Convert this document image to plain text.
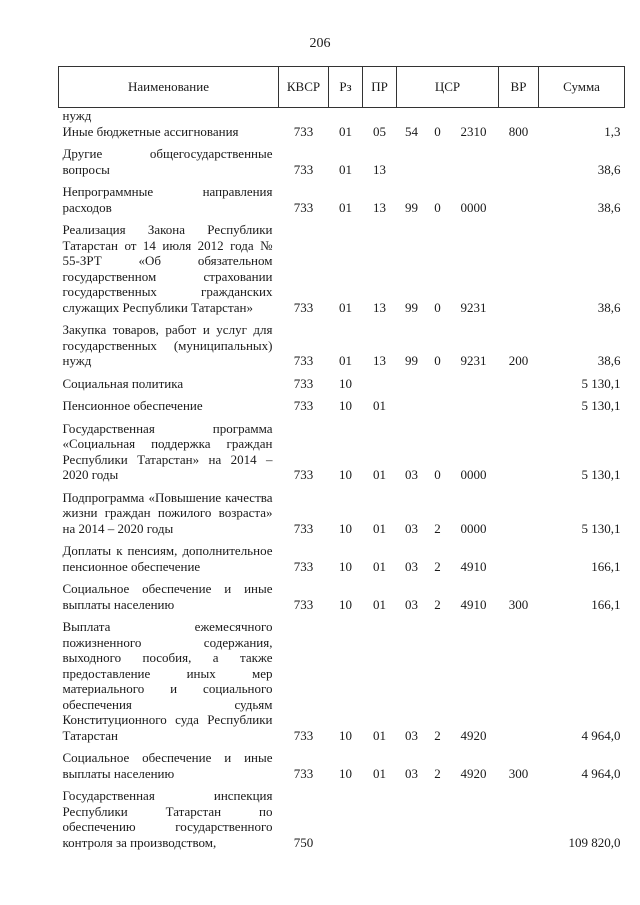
206
Наименование	КВСР	Рз	ПР	ЦСР			ВР	Сумма
нужд								
Иные бюджетные ассигнования	733	01	05	54	0	2310	800	1,3
Другие общегосударственные вопросы	733	01	13					38,6
Непрограммные направления расходов	733	01	13	99	0	0000		38,6
Реализация Закона Республики Татарстан от 14 июля 2012 года № 55-ЗРТ «Об обязательном государственном страховании государственных гражданских служащих Республики Татарстан»	733	01	13	99	0	9231		38,6
Закупка товаров, работ и услуг для государственных (муниципальных) нужд	733	01	13	99	0	9231	200	38,6
Социальная политика	733	10						5 130,1
Пенсионное обеспечение	733	10	01					5 130,1
Государственная программа «Социальная поддержка граждан Республики Татарстан» на 2014 – 2020 годы	733	10	01	03	0	0000		5 130,1
Подпрограмма «Повышение качества жизни граждан пожилого возраста» на 2014 – 2020 годы	733	10	01	03	2	0000		5 130,1
Доплаты к пенсиям, дополнительное пенсионное обеспечение	733	10	01	03	2	4910		166,1
Социальное обеспечение и иные выплаты населению	733	10	01	03	2	4910	300	166,1
Выплата ежемесячного пожизненного содержания, выходного пособия, а также предоставление иных мер материального и социального обеспечения судьям Конституционного суда Республики Татарстан	733	10	01	03	2	4920		4 964,0
Социальное обеспечение и иные выплаты населению	733	10	01	03	2	4920	300	4 964,0
Государственная инспекция Республики Татарстан по обеспечению государственного контроля за производством,	750							109 820,0
